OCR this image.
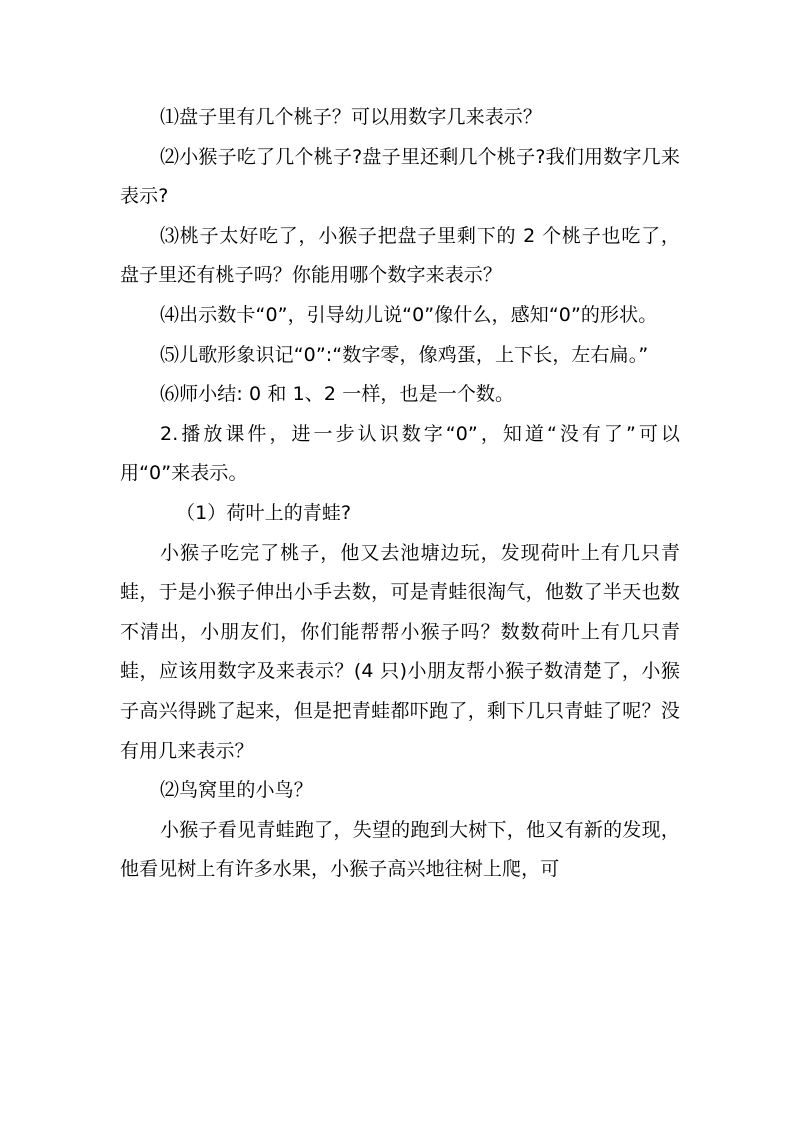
⑴盘子里有几个桃子？可以用数字几来表示？

⑵小猴子吃了几个桃子?盘子里还剩几个桃子?我们用数字几来表示?

⑶桃子太好吃了，小猴子把盘子里剩下的 2 个桃子也吃了，盘子里还有桃子吗？你能用哪个数字来表示？

⑷出示数卡“0”，引导幼儿说“0”像什么，感知“0”的形状。

⑸儿歌形象识记“0”:“数字零，像鸡蛋，上下长，左右扁。”

⑹师小结: 0 和 1、2 一样，也是一个数。

2.播放课件，进一步认识数字“0”，知道“没有了”可以用“0”来表示。

（1）荷叶上的青蛙?

小猴子吃完了桃子，他又去池塘边玩，发现荷叶上有几只青蛙，于是小猴子伸出小手去数，可是青蛙很淘气，他数了半天也数不清出，小朋友们，你们能帮帮小猴子吗？数数荷叶上有几只青蛙，应该用数字及来表示？(4 只)小朋友帮小猴子数清楚了，小猴子高兴得跳了起来，但是把青蛙都吓跑了，剩下几只青蛙了呢？没有用几来表示？

⑵鸟窝里的小鸟？

小猴子看见青蛙跑了，失望的跑到大树下，他又有新的发现，他看见树上有许多水果，小猴子高兴地往树上爬，可
